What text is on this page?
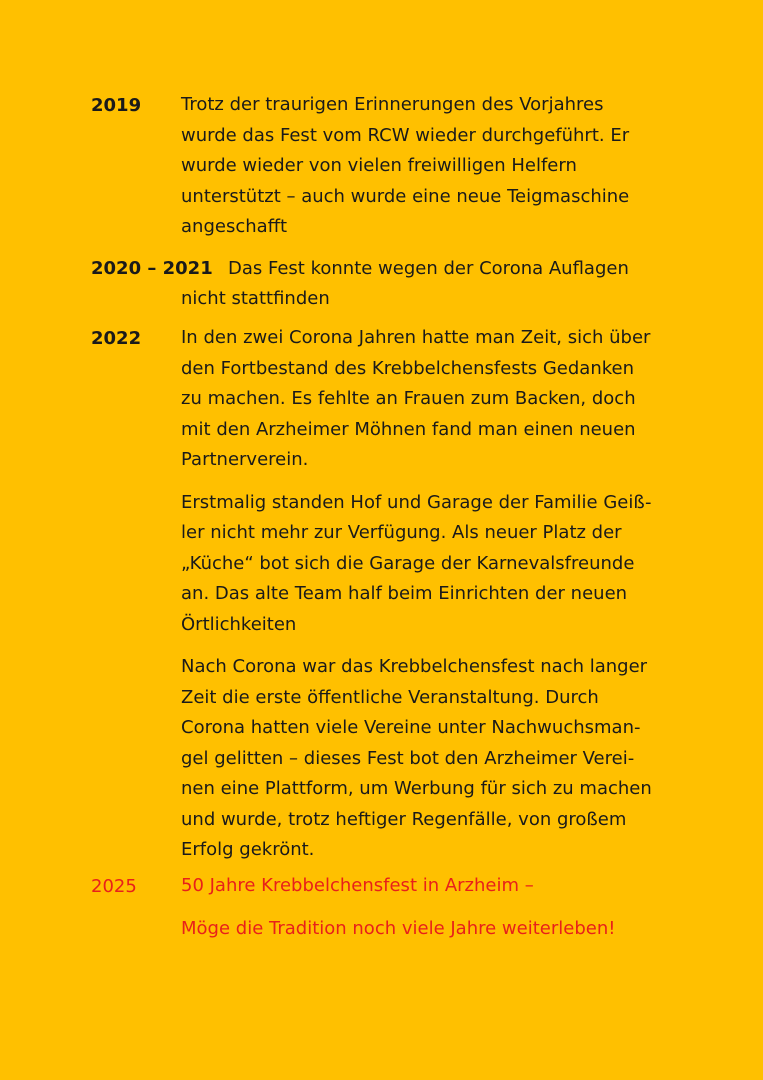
2019 Trotz der traurigen Erinnerungen des Vorjahres
wurde das Fest vom RCW wieder durchgeführt. Er
wurde wieder von vielen freiwilligen Helfern
unterstützt – auch wurde eine neue Teigmaschine
angeschafft
2020 – 2021 Das Fest konnte wegen der Corona Auflagen
nicht stattfinden
2022 In den zwei Corona Jahren hatte man Zeit, sich über
den Fortbestand des Krebbelchensfests Gedanken
zu machen. Es fehlte an Frauen zum Backen, doch
mit den Arzheimer Möhnen fand man einen neuen
Partnerverein.

Erstmalig standen Hof und Garage der Familie Geiß-
ler nicht mehr zur Verfügung. Als neuer Platz der
„Küche“ bot sich die Garage der Karnevalsfreunde
an. Das alte Team half beim Einrichten der neuen
Örtlichkeiten

Nach Corona war das Krebbelchensfest nach langer
Zeit die erste öffentliche Veranstaltung. Durch
Corona hatten viele Vereine unter Nachwuchsman-
gel gelitten – dieses Fest bot den Arzheimer Verei-
nen eine Plattform, um Werbung für sich zu machen
und wurde, trotz heftiger Regenfälle, von großem
Erfolg gekrönt.

2025 50 Jahre Krebbelchensfest in Arzheim –

Möge die Tradition noch viele Jahre weiterleben!
